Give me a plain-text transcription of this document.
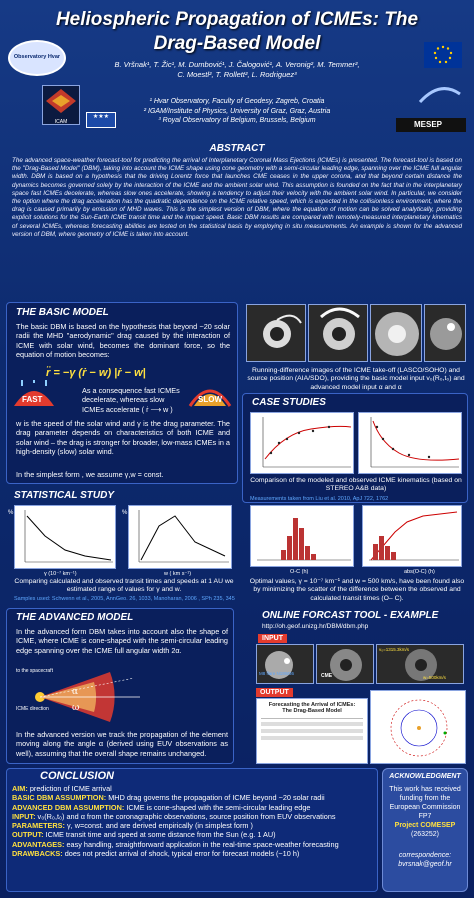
Heliospheric Propagation of ICMEs: The
Drag-Based Model
Observatory Hvar
ICAM
★★★
MESEP
B. Vršnak¹, T. Žic¹, M. Dumbović¹, J. Čalogović¹, A. Veronig², M. Temmer²,
C. Moestl², T. Rollett², L. Rodriguez³
¹ Hvar Observatory, Faculty of Geodesy, Zagreb, Croatia
² IGAM/Institute of Physics, University of Graz, Graz, Austria
³ Royal Observatory of Belgium, Brussels, Belgium
ABSTRACT
The advanced space-weather forecast-tool for predicting the arrival of Interplanetary Coronal Mass Ejections (ICMEs) is presented. The forecast-tool is based on the "Drag-Based Model" (DBM), taking into account the ICME shape using cone geometry with a semi-circular leading edge, spanning over the ICME full angular width. DBM is based on a hypothesis that the driving Lorentz force that launches CME ceases in the upper corona, and that beyond certain distance the dynamics becomes governed solely by the interaction of the ICME and the ambient solar wind. This assumption is founded on the fact that in the interplanetary space fast ICMEs decelerate, whereas slow ones accelerate, showing a tendency to adjust their velocity with the ambient solar wind. In particular, we consider the option where the drag acceleration has the quadratic dependence on the ICME relative speed, which is expected in the collisionless environment, where the drag is caused primarily by emission of MHD waves. This is the simplest version of DBM, where the equation of motion can be solved analytically, providing explicit solutions for the Sun-Earth ICME transit time and the impact speed. Basic DBM results are compared with remotely-measured interplanetary kinematics of several ICMEs, whereas forecasting abilities are tested on the statistical basis by employing in situ measurements. An example is shown for the advanced version of DBM, where geometry of ICME is taken into account.
THE BASIC MODEL
The basic DBM is based on the hypothesis that beyond ~20 solar radii the MHD "aerodynamic" drag caused by the interaction of ICME with solar wind, becomes the dominant force, so the equation of motion becomes:
r̈ = −γ (ṙ − w) |ṙ − w|
FAST	SLOW
As a consequence fast ICMEs decelerate, whereas slow ICMEs accelerate ( ṙ ⟶ w )
w is the speed of the solar wind and γ is the drag parameter. The drag parameter depends on characteristics of both ICME and solar wind – the drag is stronger for broader, low-mass ICMEs in a high-density (slow) solar wind.
In the simplest form , we assume γ,w = const.
Running-difference images of the ICME take-off (LASCO/SOHO) and source position (AIA/SDO), providing the basic model input v₀(R₀,t₀) and advanced model input α and α
CASE STUDIES
Comparison of the modeled and observed ICME kinematics (based on STEREO A&B data)
Measurements taken from Liu et al. 2010, ApJ 722, 1762
STATISTICAL STUDY
γ (10⁻⁷ km⁻¹)
%
w ( km s⁻¹)
%
O-C (h)	abs(O-C) (h)
Comparing calculated and observed transit times and speeds at 1 AU we estimated range of values for γ and w.
Optimal values, γ = 10⁻⁷ km⁻¹ and w = 500 km/s, have been found also by minimizing the scatter of the difference between the observed and calculated transit times (O– C).
Samples used: Schwenn et al., 2005, AnnGeo. 26, 1033, Manoharan, 2006 , SPh 235, 345
THE ADVANCED MODEL
In the advanced form DBM takes into account also the shape of ICME, where ICME is cone-shaped with the semi-circular leading edge spanning over the ICME full angular width 2α.
α
ω
to the spacecraft
ICME direction
In the advanced version we track the propagation of the element moving along the angle α (derived using EUV observations as well), assuming that the overall shape remains unchanged.
ONLINE FORCAST TOOL - EXAMPLE
http://oh.geof.unizg.hr/DBM/dbm.php
INPUT
M8 flare N19W36	CME
v₀=1315.3km/s
w=500km/s
OUTPUT
Forecasting the Arrival of ICMEs:
The Drag-Based Model
CONCLUSION
AIM: prediction of ICME arrival
BASIC DBM ASSUMPTION: MHD drag governs the propagation of ICME beyond ~20 solar radii
ADVANCED DBM ASSUMPTION: ICME is cone-shaped with the semi-circular leading edge
INPUT: v₀(R₀,t₀) and α from the coronagraphic observations, source position from EUV observations
PARAMETERS: γ, w=const. and are derived empirically (in simplest form )
OUTPUT: ICME transit time and speed at some distance from the Sun (e.g. 1 AU)
ADVANTAGES: easy handling, straightforward application in the real-time space-weather forecasting
DRAWBACKS: does not predict arrival of shock, typical error for forecast models (~10 h)
ACKNOWLEDGMENT
This work has received funding from the European Commission FP7
Project COMESEP
(263252)
correspondence:
bvrsnak@geof.hr
